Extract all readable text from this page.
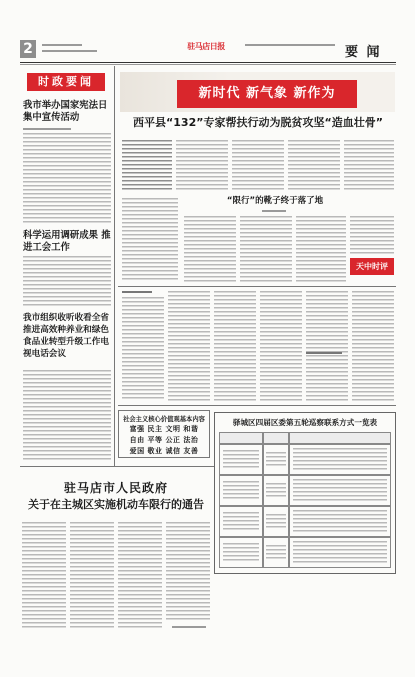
2	驻马店日报	要 闻
时政要闻
我市举办国家宪法日集中宣传活动
科学运用调研成果 推进工会工作
我市组织收听收看全省推进高效种养业和绿色食品业转型升级工作电视电话会议
新时代 新气象 新作为
西平县“132”专家帮扶行动为脱贫攻坚“造血壮骨”
“限行”的靴子终于落了地
天中时评
社会主义核心价值观基本内容
富强 民主 文明 和谐
自由 平等 公正 法治
爱国 敬业 诚信 友善
驿城区四届区委第五轮巡察联系方式一览表
驻马店市人民政府
关于在主城区实施机动车限行的通告
